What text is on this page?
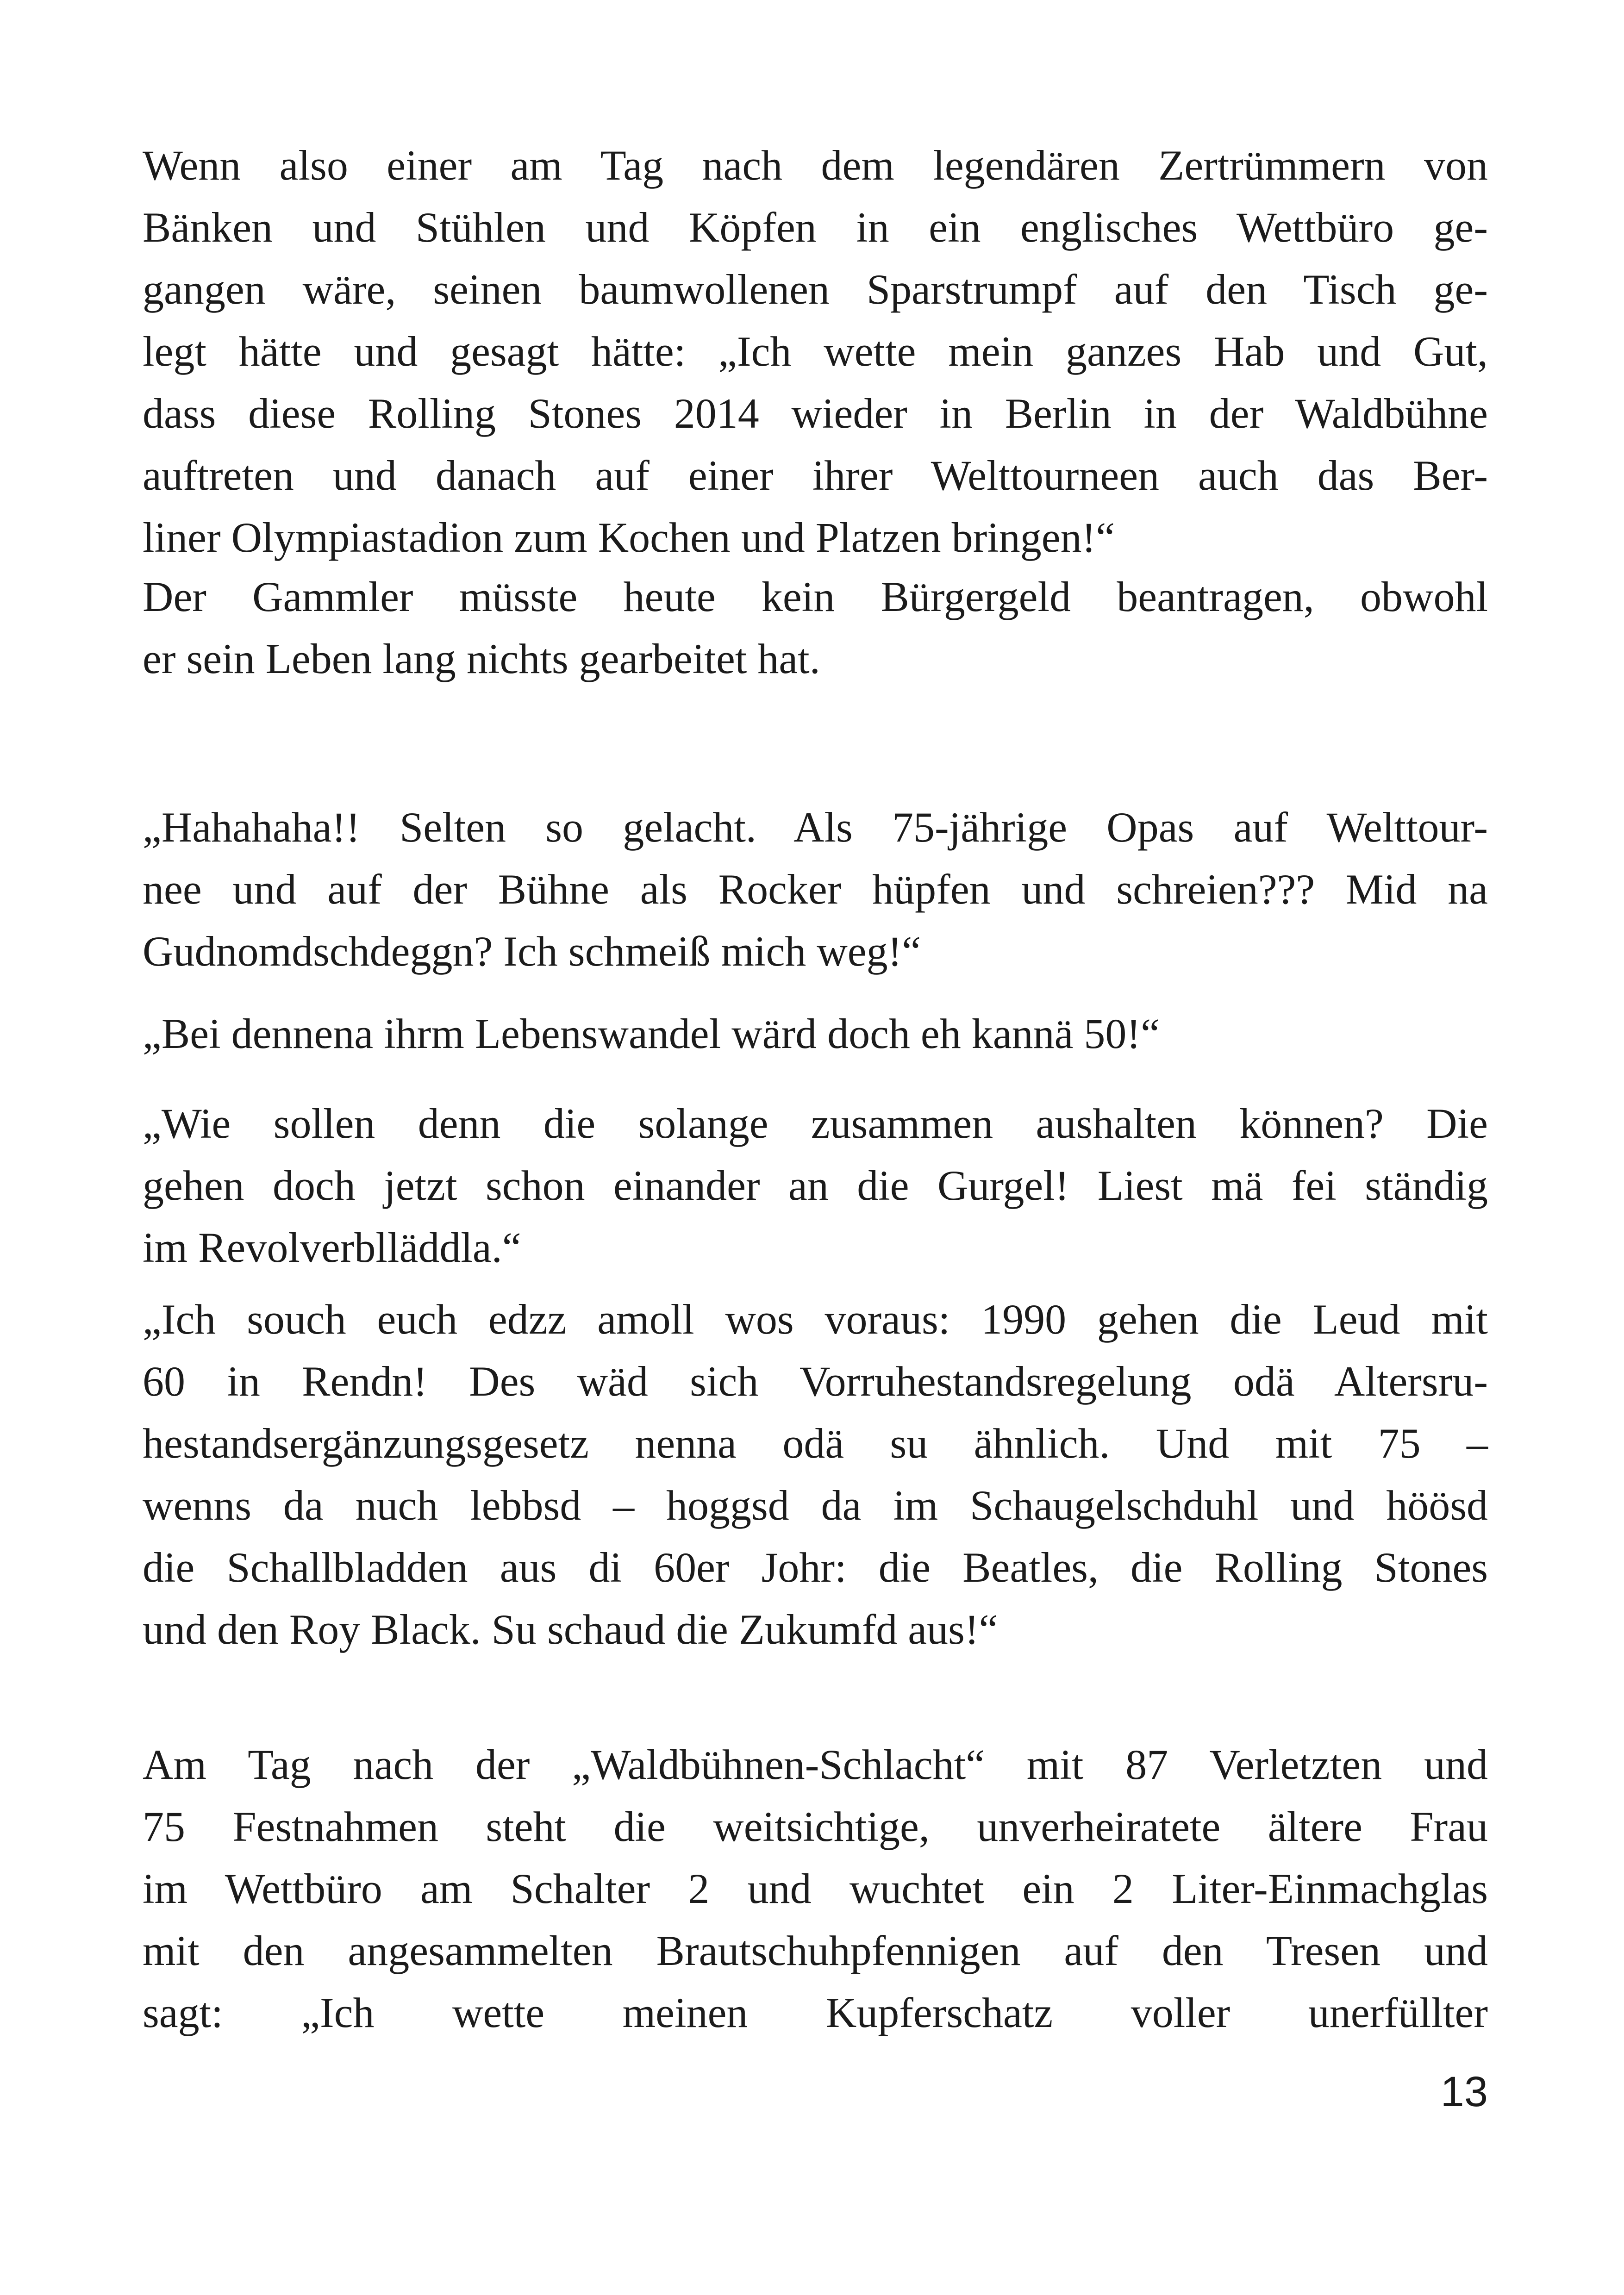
Wenn also einer am Tag nach dem legendären Zertrümmern von
Bänken und Stühlen und Köpfen in ein englisches Wettbüro ge-
gangen wäre, seinen baumwollenen Sparstrumpf auf den Tisch ge-
legt hätte und gesagt hätte: „Ich wette mein ganzes Hab und Gut,
dass diese Rolling Stones 2014 wieder in Berlin in der Waldbühne
auftreten und danach auf einer ihrer Welttourneen auch das Ber-
liner Olympiastadion zum Kochen und Platzen bringen!“
Der Gammler müsste heute kein Bürgergeld beantragen, obwohl
er sein Leben lang nichts gearbeitet hat.
„Hahahaha!! Selten so gelacht. Als 75-jährige Opas auf Welttour-
nee und auf der Bühne als Rocker hüpfen und schreien??? Mid na
Gudnomdschdeggn? Ich schmeiß mich weg!“
„Bei dennena ihrm Lebenswandel wärd doch eh kannä 50!“
„Wie sollen denn die solange zusammen aushalten können? Die
gehen doch jetzt schon einander an die Gurgel! Liest mä fei ständig
im Revolverblläddla.“
„Ich souch euch edzz amoll wos voraus: 1990 gehen die Leud mit
60 in Rendn! Des wäd sich Vorruhestandsregelung odä Altersru-
hestandsergänzungsgesetz nenna odä su ähnlich. Und mit 75 –
wenns da nuch lebbsd – hoggsd da im Schaugelschduhl und höösd
die Schallbladden aus di 60er Johr: die Beatles, die Rolling Stones
und den Roy Black. Su schaud die Zukumfd aus!“
Am Tag nach der „Waldbühnen-Schlacht“ mit 87 Verletzten und
75 Festnahmen steht die weitsichtige, unverheiratete ältere Frau
im Wettbüro am Schalter 2 und wuchtet ein 2 Liter-Einmachglas
mit den angesammelten Brautschuhpfennigen auf den Tresen und
sagt: „Ich wette meinen Kupferschatz voller unerfüllter
13
